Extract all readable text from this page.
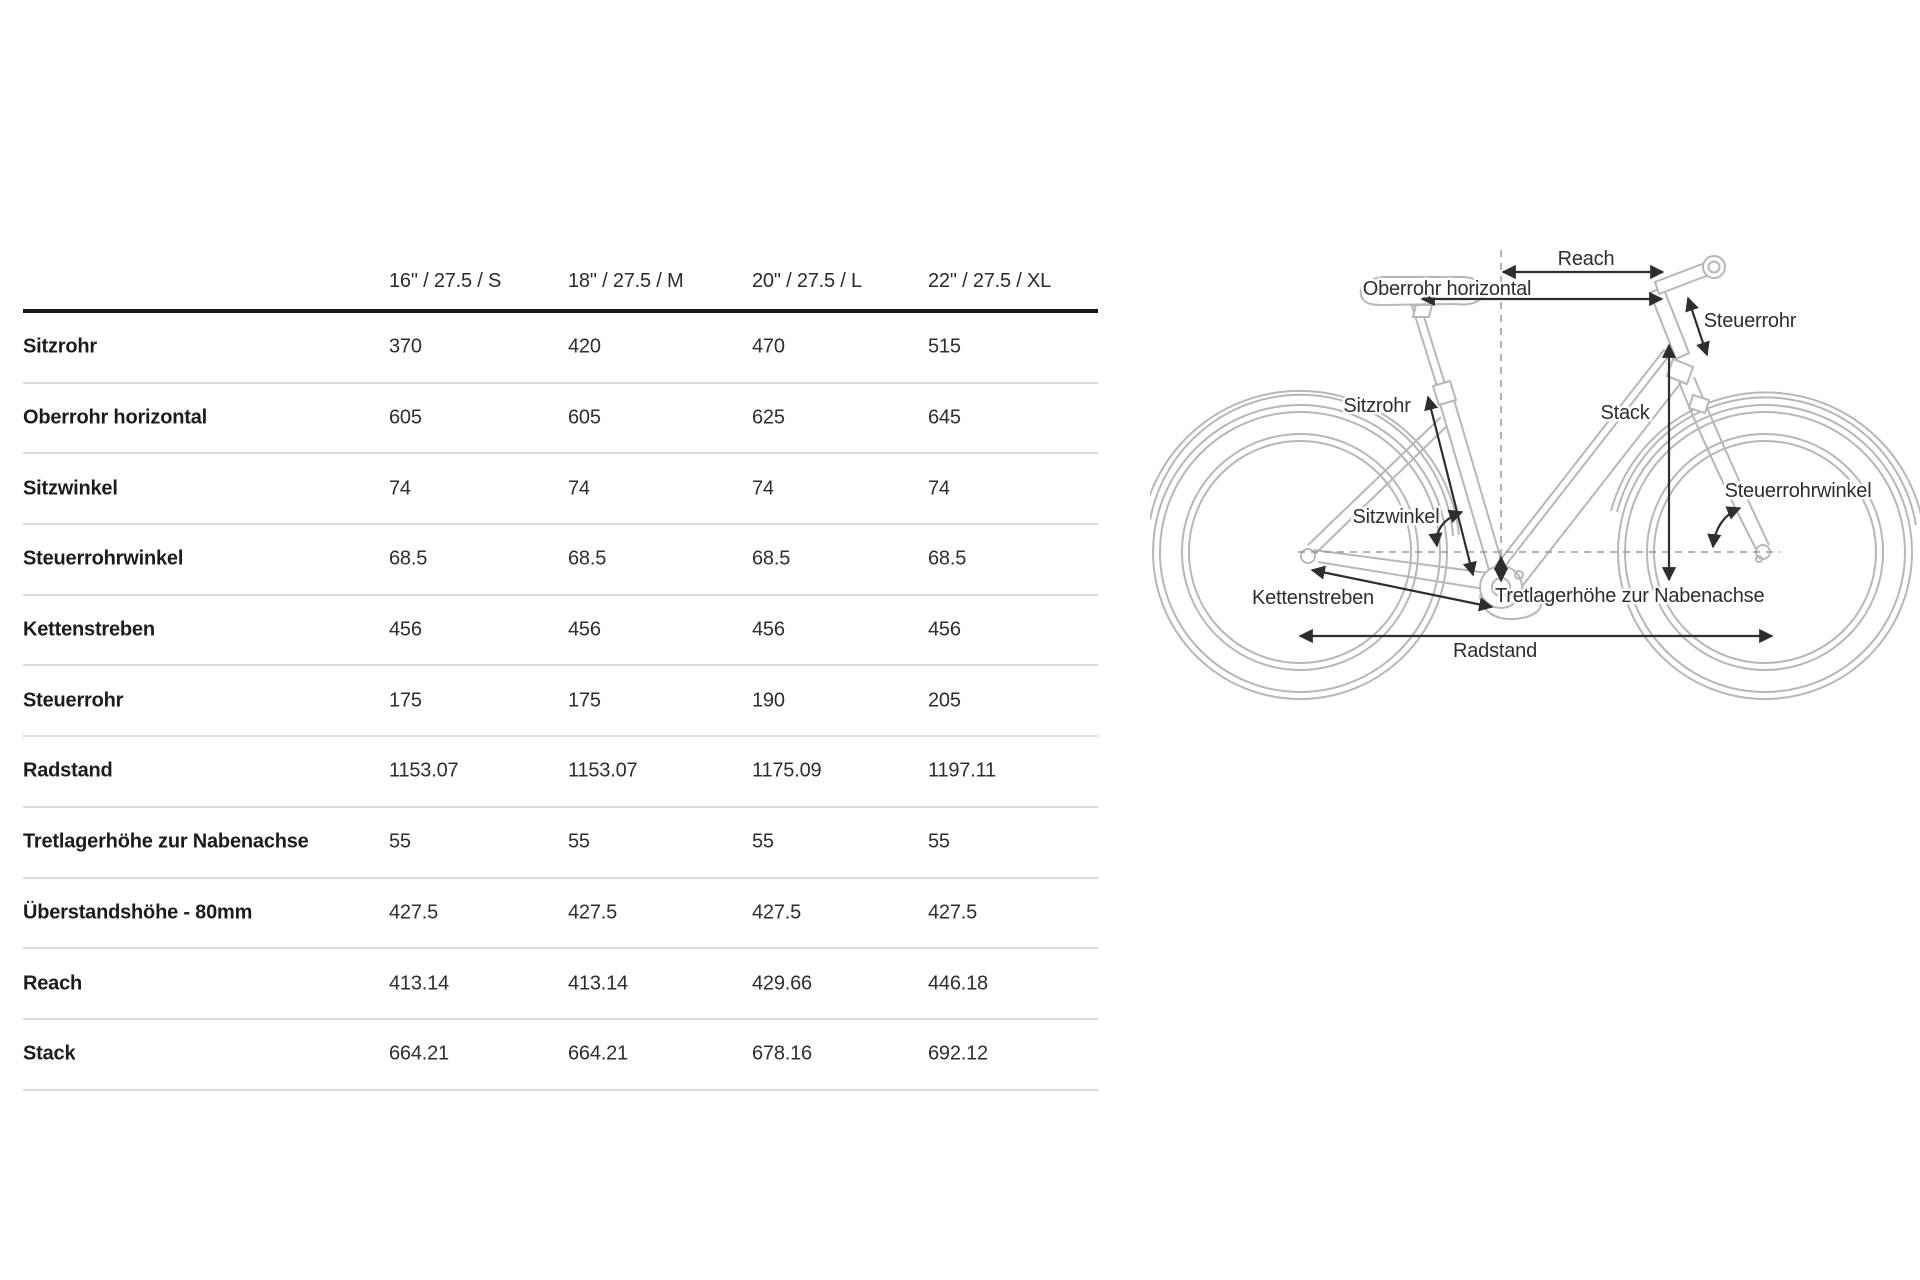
16" / 27.5 / S	18" / 27.5 / M	20" / 27.5 / L	22" / 27.5 / XL
Sitzrohr	370	420	470	515
Oberrohr horizontal	605	605	625	645
Sitzwinkel	74	74	74	74
Steuerrohrwinkel	68.5	68.5	68.5	68.5
Kettenstreben	456	456	456	456
Steuerrohr	175	175	190	205
Radstand	1153.07	1153.07	1175.09	1197.11
Tretlagerhöhe zur Nabenachse	55	55	55	55
Überstandshöhe - 80mm	427.5	427.5	427.5	427.5
Reach	413.14	413.14	429.66	446.18
Stack	664.21	664.21	678.16	692.12
Reach
Oberrohr horizontal
Steuerrohr
Sitzrohr	Stack
Sitzwinkel
Steuerrohrwinkel
Kettenstreben	Tretlagerhöhe zur Nabenachse
Radstand
